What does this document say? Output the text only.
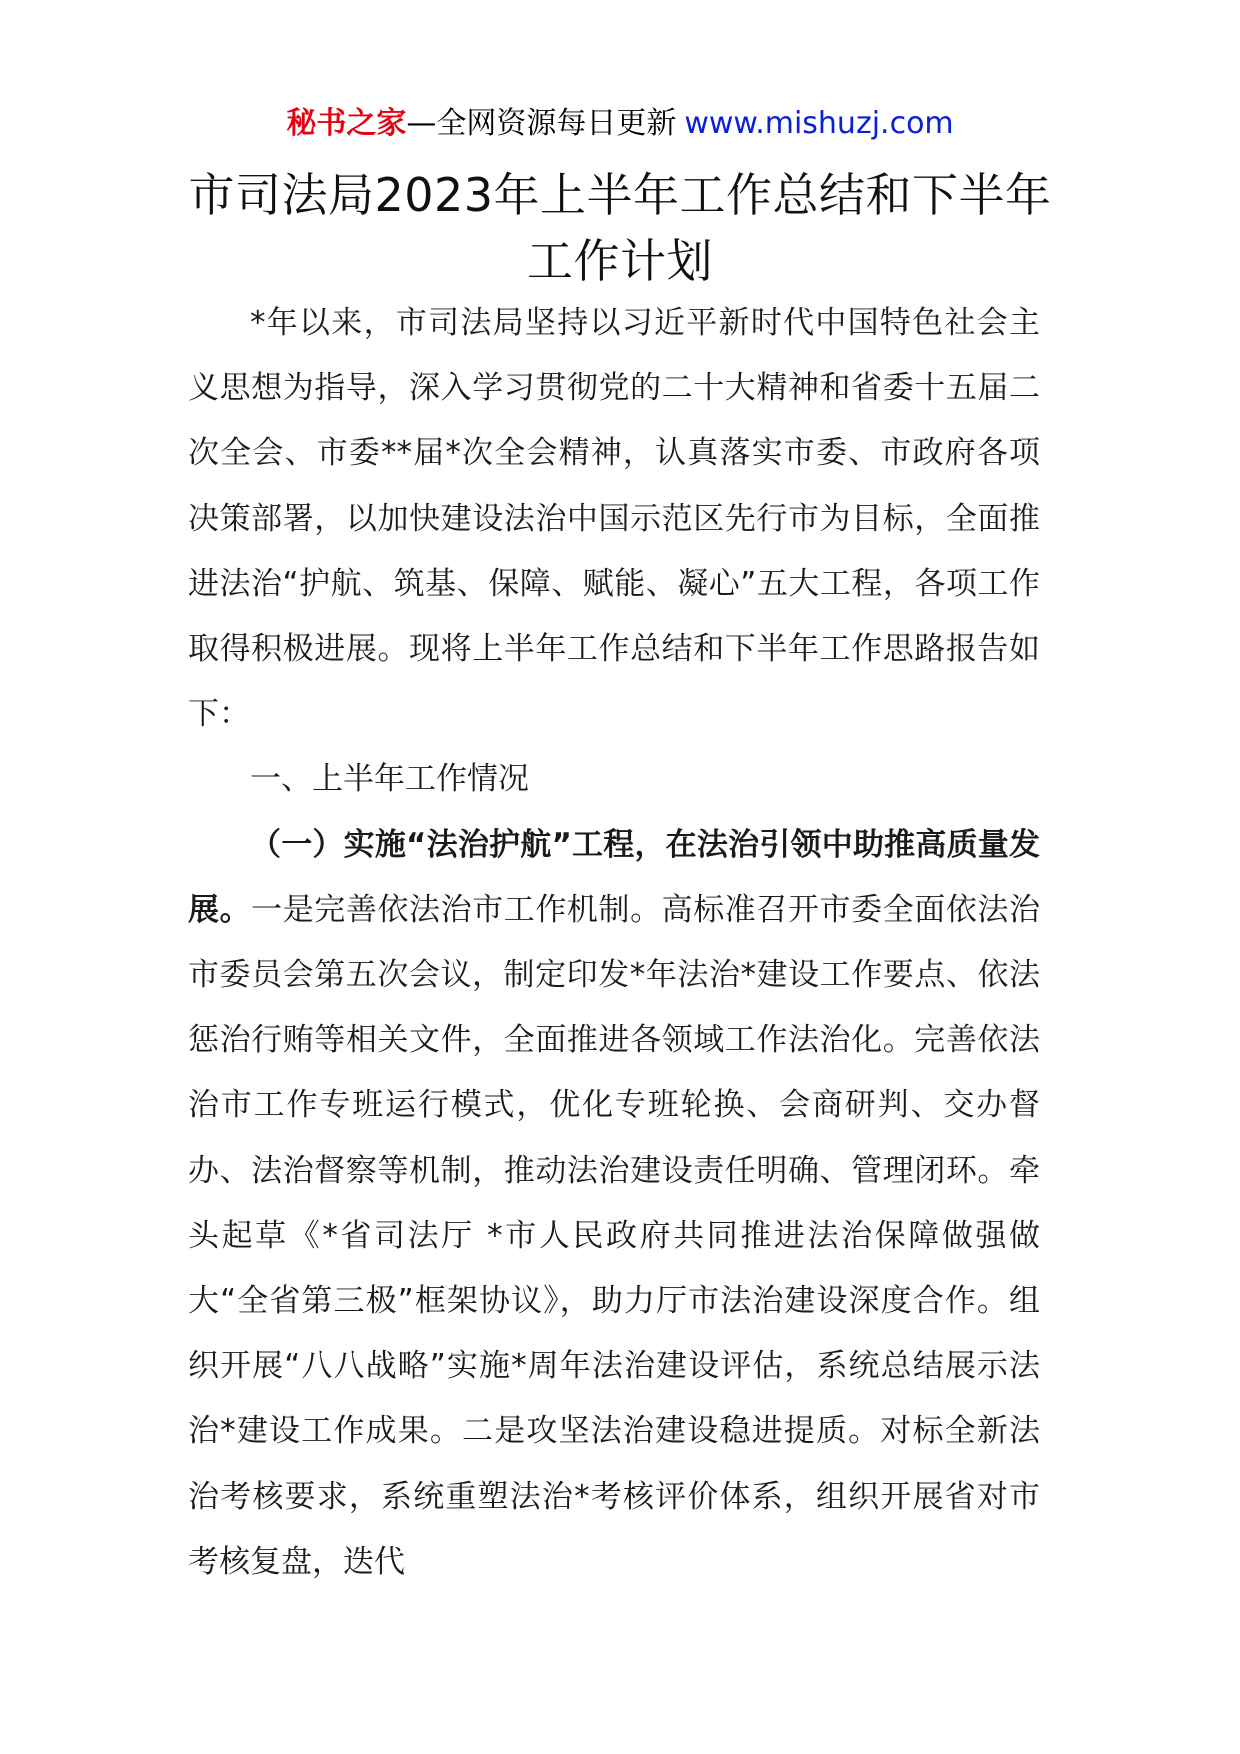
秘书之家—全网资源每日更新 www.mishuzj.com
市司法局2023年上半年工作总结和下半年工作计划

*年以来，市司法局坚持以习近平新时代中国特色社会主义思想为指导，深入学习贯彻党的二十大精神和省委十五届二次全会、市委**届*次全会精神，认真落实市委、市政府各项决策部署，以加快建设法治中国示范区先行市为目标，全面推进法治“护航、筑基、保障、赋能、凝心”五大工程，各项工作取得积极进展。现将上半年工作总结和下半年工作思路报告如下：

一、上半年工作情况

（一）实施“法治护航”工程，在法治引领中助推高质量发展。一是完善依法治市工作机制。高标准召开市委全面依法治市委员会第五次会议，制定印发*年法治*建设工作要点、依法惩治行贿等相关文件，全面推进各领域工作法治化。完善依法治市工作专班运行模式，优化专班轮换、会商研判、交办督办、法治督察等机制，推动法治建设责任明确、管理闭环。牵头起草《*省司法厅 *市人民政府共同推进法治保障做强做大“全省第三极”框架协议》，助力厅市法治建设深度合作。组织开展“八八战略”实施*周年法治建设评估，系统总结展示法治*建设工作成果。二是攻坚法治建设稳进提质。对标全新法治考核要求，系统重塑法治*考核评价体系，组织开展省对市考核复盘，迭代
